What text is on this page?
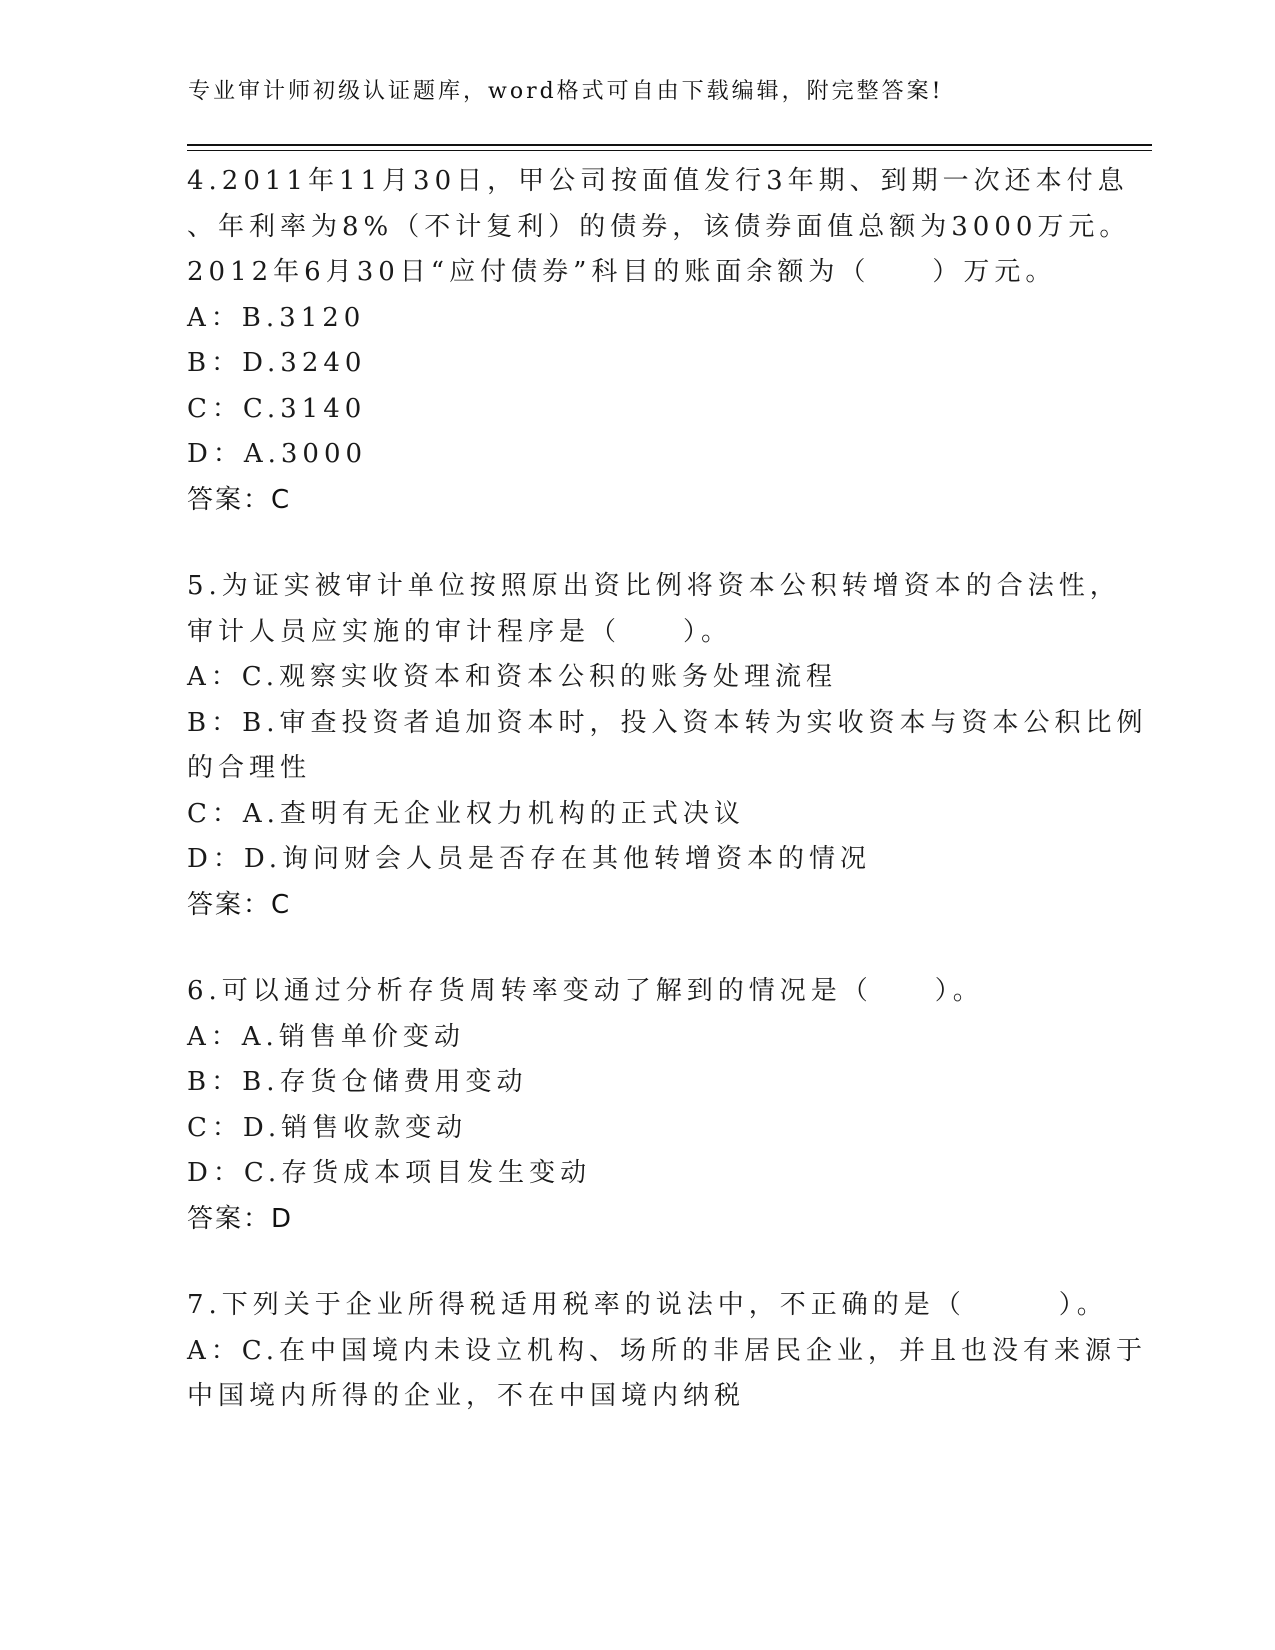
专业审计师初级认证题库，word格式可自由下载编辑，附完整答案!
4.2011年11月30日，甲公司按面值发行3年期、到期一次还本付息
、年利率为8%（不计复利）的债券，该债券面值总额为3000万元。
2012年6月30日“应付债券”科目的账面余额为（　　）万元。
A：B.3120
B：D.3240
C：C.3140
D：A.3000
答案：C
5.为证实被审计单位按照原出资比例将资本公积转增资本的合法性，
审计人员应实施的审计程序是（　　）。
A：C.观察实收资本和资本公积的账务处理流程
B：B.审查投资者追加资本时，投入资本转为实收资本与资本公积比例
的合理性
C：A.查明有无企业权力机构的正式决议
D：D.询问财会人员是否存在其他转增资本的情况
答案：C
6.可以通过分析存货周转率变动了解到的情况是（　　）。
A：A.销售单价变动
B：B.存货仓储费用变动
C：D.销售收款变动
D：C.存货成本项目发生变动
答案：D
7.下列关于企业所得税适用税率的说法中，不正确的是（　　　）。
A：C.在中国境内未设立机构、场所的非居民企业，并且也没有来源于
中国境内所得的企业，不在中国境内纳税
